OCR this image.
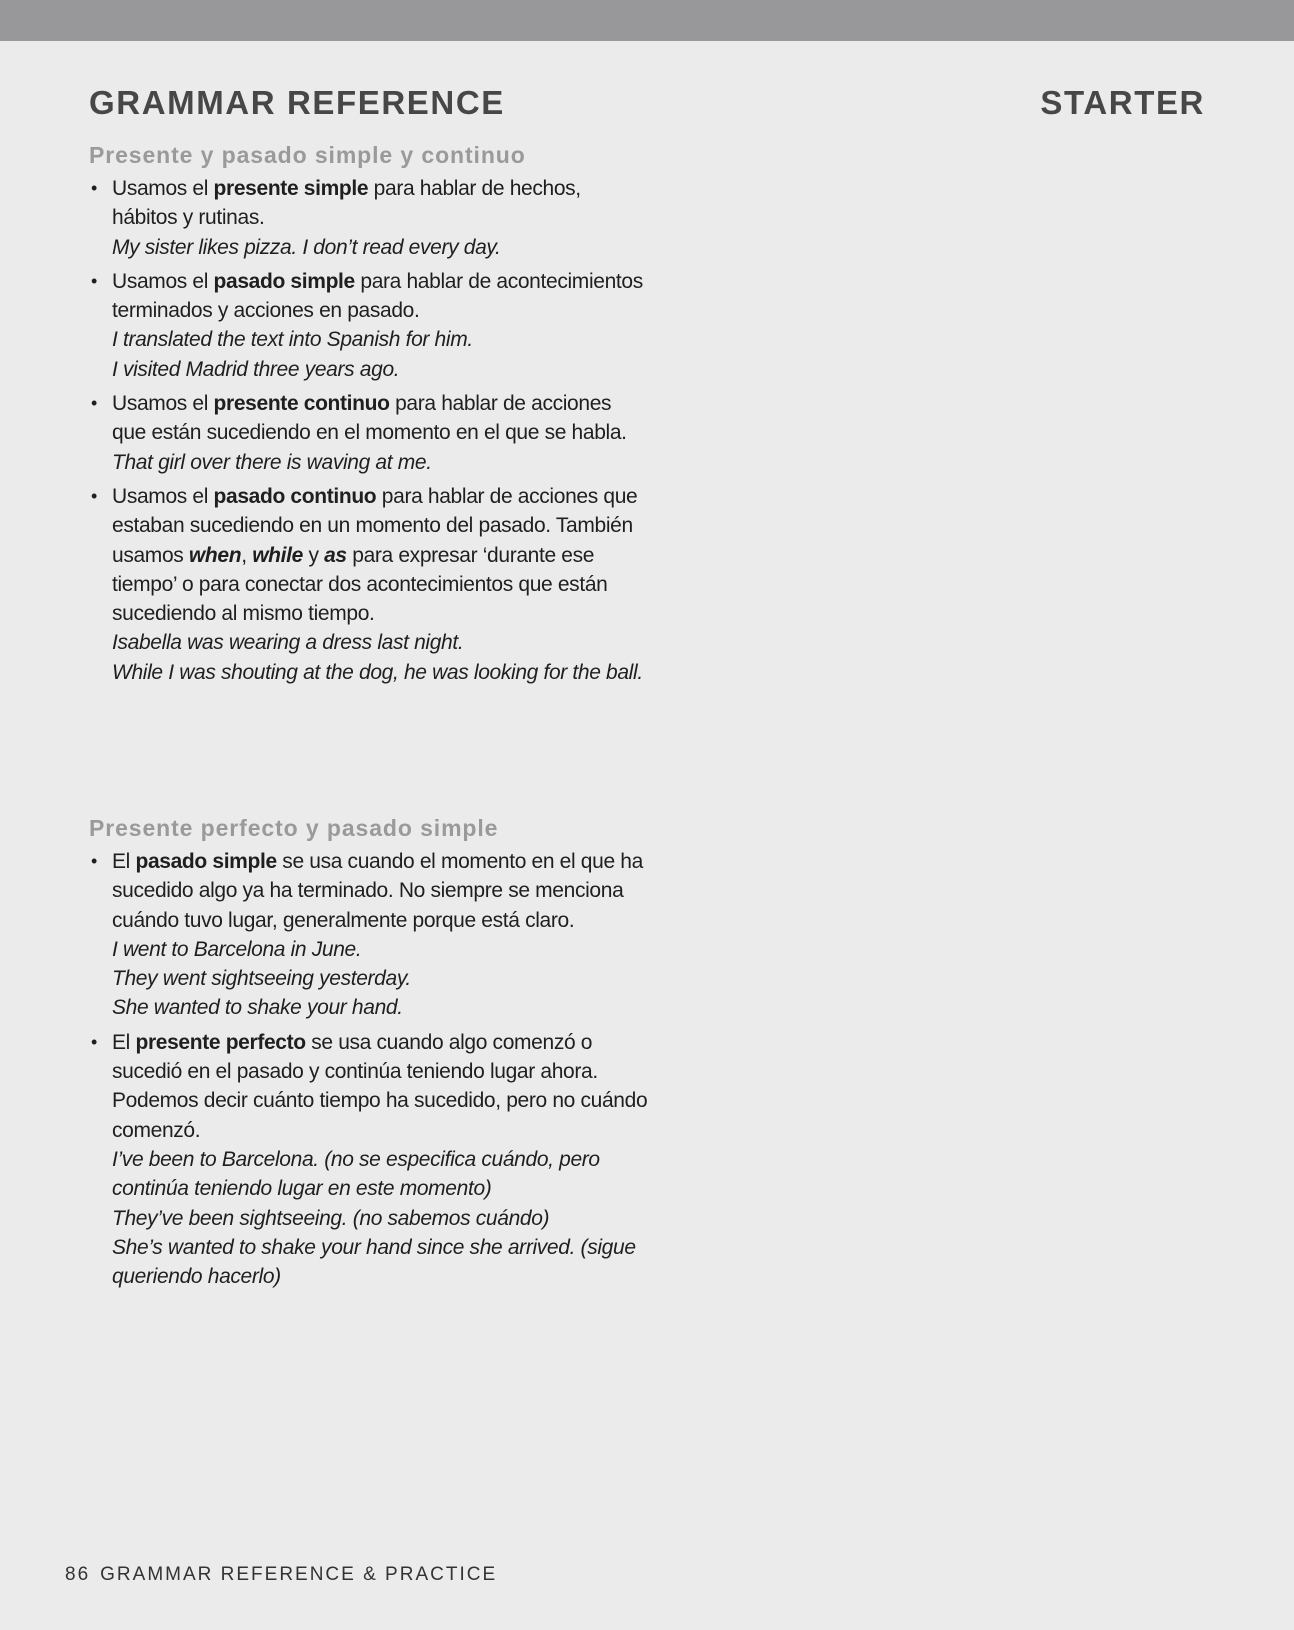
GRAMMAR REFERENCE	STARTER
Presente y pasado simple y continuo
• Usamos el presente simple para hablar de hechos, hábitos y rutinas.
My sister likes pizza. I don’t read every day.
• Usamos el pasado simple para hablar de acontecimientos terminados y acciones en pasado.
I translated the text into Spanish for him.
I visited Madrid three years ago.
• Usamos el presente continuo para hablar de acciones que están sucediendo en el momento en el que se habla.
That girl over there is waving at me.
• Usamos el pasado continuo para hablar de acciones que estaban sucediendo en un momento del pasado. También usamos when, while y as para expresar ‘durante ese tiempo’ o para conectar dos acontecimientos que están sucediendo al mismo tiempo.
Isabella was wearing a dress last night.
While I was shouting at the dog, he was looking for the ball.
Presente perfecto y pasado simple
• El pasado simple se usa cuando el momento en el que ha sucedido algo ya ha terminado. No siempre se menciona cuándo tuvo lugar, generalmente porque está claro.
I went to Barcelona in June.
They went sightseeing yesterday.
She wanted to shake your hand.
• El presente perfecto se usa cuando algo comenzó o sucedió en el pasado y continúa teniendo lugar ahora. Podemos decir cuánto tiempo ha sucedido, pero no cuándo comenzó.
I’ve been to Barcelona. (no se especifica cuándo, pero continúa teniendo lugar en este momento)
They’ve been sightseeing. (no sabemos cuándo)
She’s wanted to shake your hand since she arrived. (sigue queriendo hacerlo)
86 GRAMMAR REFERENCE & PRACTICE
